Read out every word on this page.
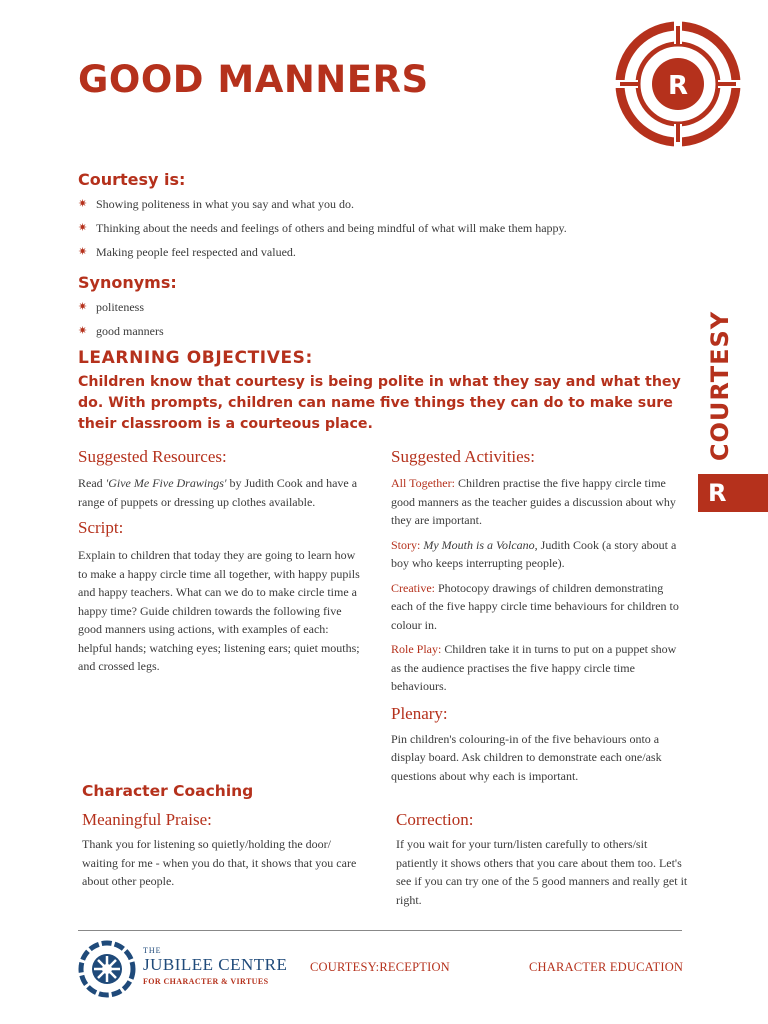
GOOD MANNERS	R
COURTESY
R
Courtesy is:
✷ Showing politeness in what you say and what you do.
✷ Thinking about the needs and feelings of others and being mindful of what will make them happy.
✷ Making people feel respected and valued.
Synonyms:
✷ politeness
✷ good manners
LEARNING OBJECTIVES:
Children know that courtesy is being polite in what they say and what they do. With prompts, children can name five things they can do to make sure their classroom is a courteous place.
Suggested Resources:

Read 'Give Me Five Drawings' by Judith Cook and have a range of puppets or dressing up clothes available.

Script:

Explain to children that today they are going to learn how to make a happy circle time all together, with happy pupils and happy teachers. What can we do to make circle time a happy time? Guide children towards the following five good manners using actions, with examples of each: helpful hands; watching eyes; listening ears; quiet mouths; and crossed legs.

Suggested Activities:

All Together: Children practise the five happy circle time good manners as the teacher guides a discussion about why they are important.

Story: My Mouth is a Volcano, Judith Cook (a story about a boy who keeps interrupting people).

Creative: Photocopy drawings of children demonstrating each of the five happy circle time behaviours for children to colour in.

Role Play: Children take it in turns to put on a puppet show as the audience practises the five happy circle time behaviours.

Plenary:

Pin children's colouring-in of the five behaviours onto a display board. Ask children to demonstrate each one/ask questions about why each is important.

Character Coaching
Meaningful Praise:

Thank you for listening so quietly/holding the door/ waiting for me - when you do that, it shows that you care about other people.

Correction:

If you wait for your turn/listen carefully to others/sit patiently it shows others that you care about them too. Let's see if you can try one of the 5 good manners and really get it right.

THE
JUBILEE CENTRE
FOR CHARACTER & VIRTUES
COURTESY:RECEPTION	CHARACTER EDUCATION
